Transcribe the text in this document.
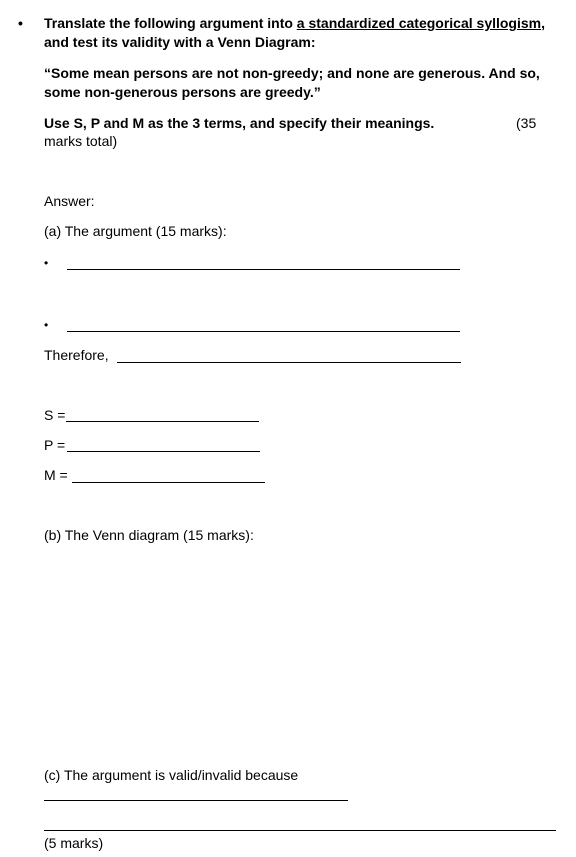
• Translate the following argument into a standardized categorical syllogism,
and test its validity with a Venn Diagram:
“Some mean persons are not non-greedy; and none are generous. And so,
some non-generous persons are greedy.”
Use S, P and M as the 3 terms, and specify their meanings.	(35
marks total)
Answer:
(a) The argument (15 marks):
•
•
Therefore,
S =
P =
M =
(b) The Venn diagram (15 marks):
(c) The argument is valid/invalid because
(5 marks)
